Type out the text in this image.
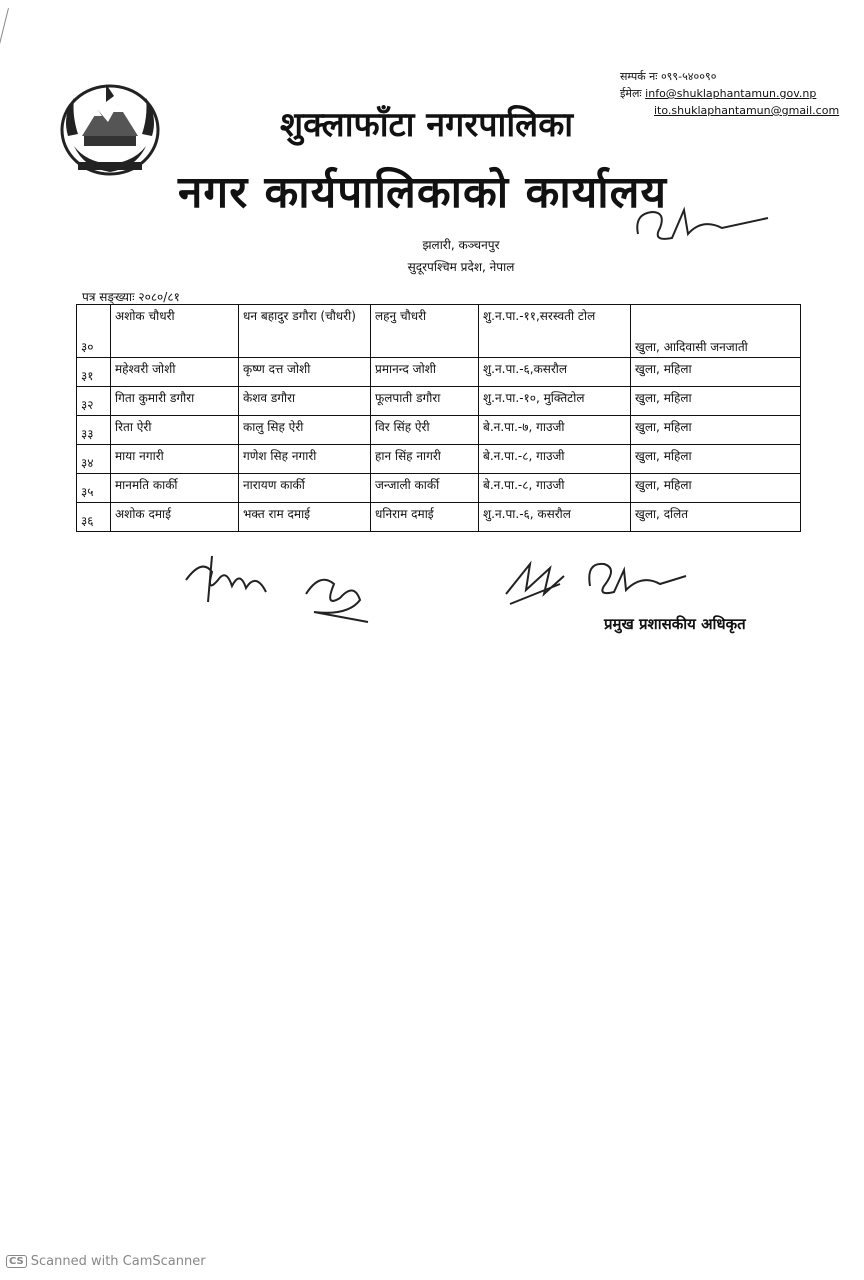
शुक्लाफाँटा नगरपालिका
नगर कार्यपालिकाको कार्यालय
सम्पर्क नः ०९९-५४००९०
ईमेलः info@shuklaphantamun.gov.np
ito.shuklaphantamun@gmail.com
झलारी, कञ्चनपुर
सुदूरपश्चिम प्रदेश, नेपाल
पत्र सङ्ख्याः २०८०/८१
३०	अशोक चौधरी	धन बहादुर डगौरा (चौधरी)	लहनु चौधरी	शु.न.पा.-११,सरस्वती टोल	खुला, आदिवासी जनजाती
३१	महेश्वरी जोशी	कृष्ण दत्त जोशी	प्रमानन्द जोशी	शु.न.पा.-६,कसरौल	खुला, महिला
३२	गिता कुमारी डगौरा	केशव डगौरा	फूलपाती डगौरा	शु.न.पा.-१०, मुक्तिटोल	खुला, महिला
३३	रिता ऐरी	कालु सिह ऐरी	विर सिंह ऐरी	बे.न.पा.-७, गाउजी	खुला, महिला
३४	माया नगारी	गणेश सिह नगारी	हान सिंह नागरी	बे.न.पा.-८, गाउजी	खुला, महिला
३५	मानमति कार्की	नारायण कार्की	जन्जाली कार्की	बे.न.पा.-८, गाउजी	खुला, महिला
३६	अशोक दमाई	भक्त राम दमाई	धनिराम दमाई	शु.न.पा.-६, कसरौल	खुला, दलित
प्रमुख प्रशासकीय अधिकृत
CS Scanned with CamScanner
